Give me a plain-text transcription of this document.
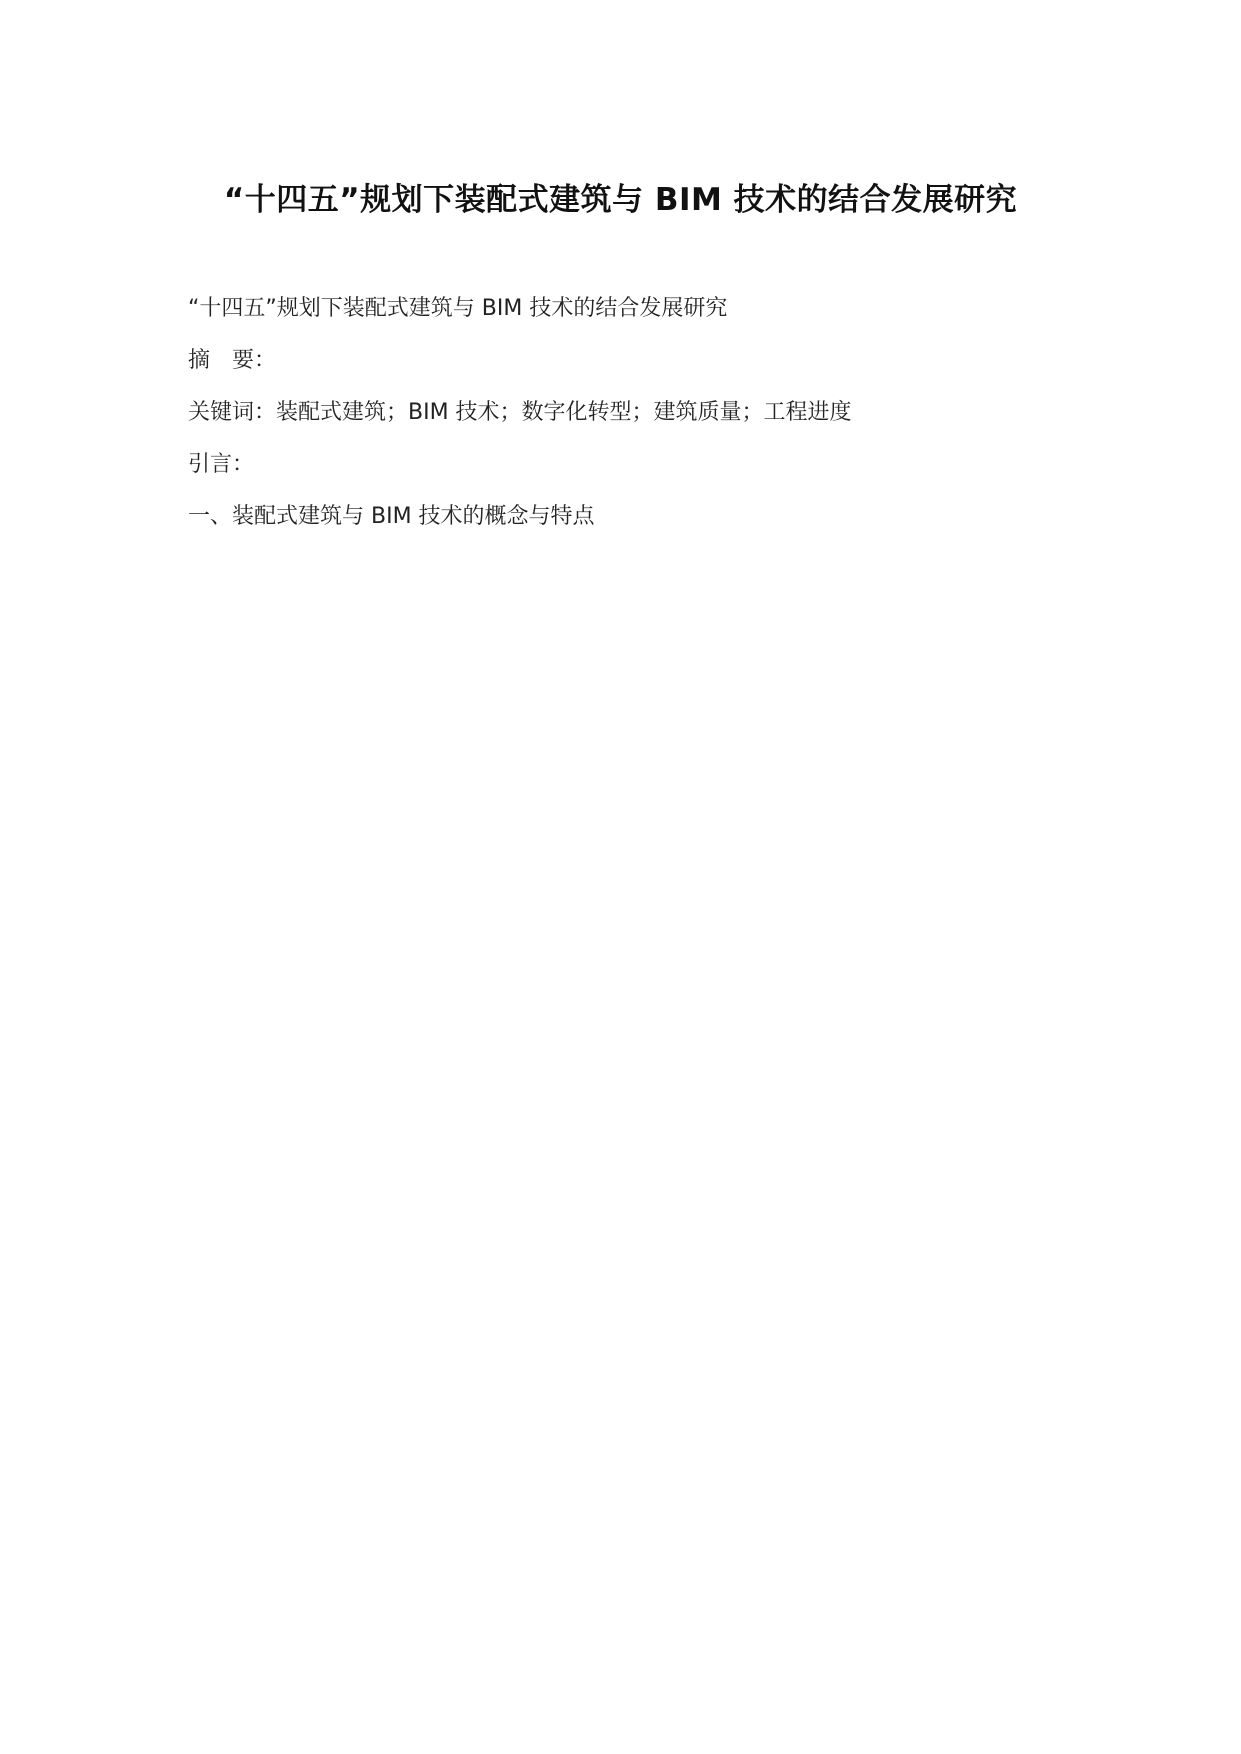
“十四五”规划下装配式建筑与 BIM 技术的结合发展研究

“十四五”规划下装配式建筑与 BIM 技术的结合发展研究

摘　要：

关键词：装配式建筑；BIM 技术；数字化转型；建筑质量；工程进度

引言：

一、装配式建筑与 BIM 技术的概念与特点
